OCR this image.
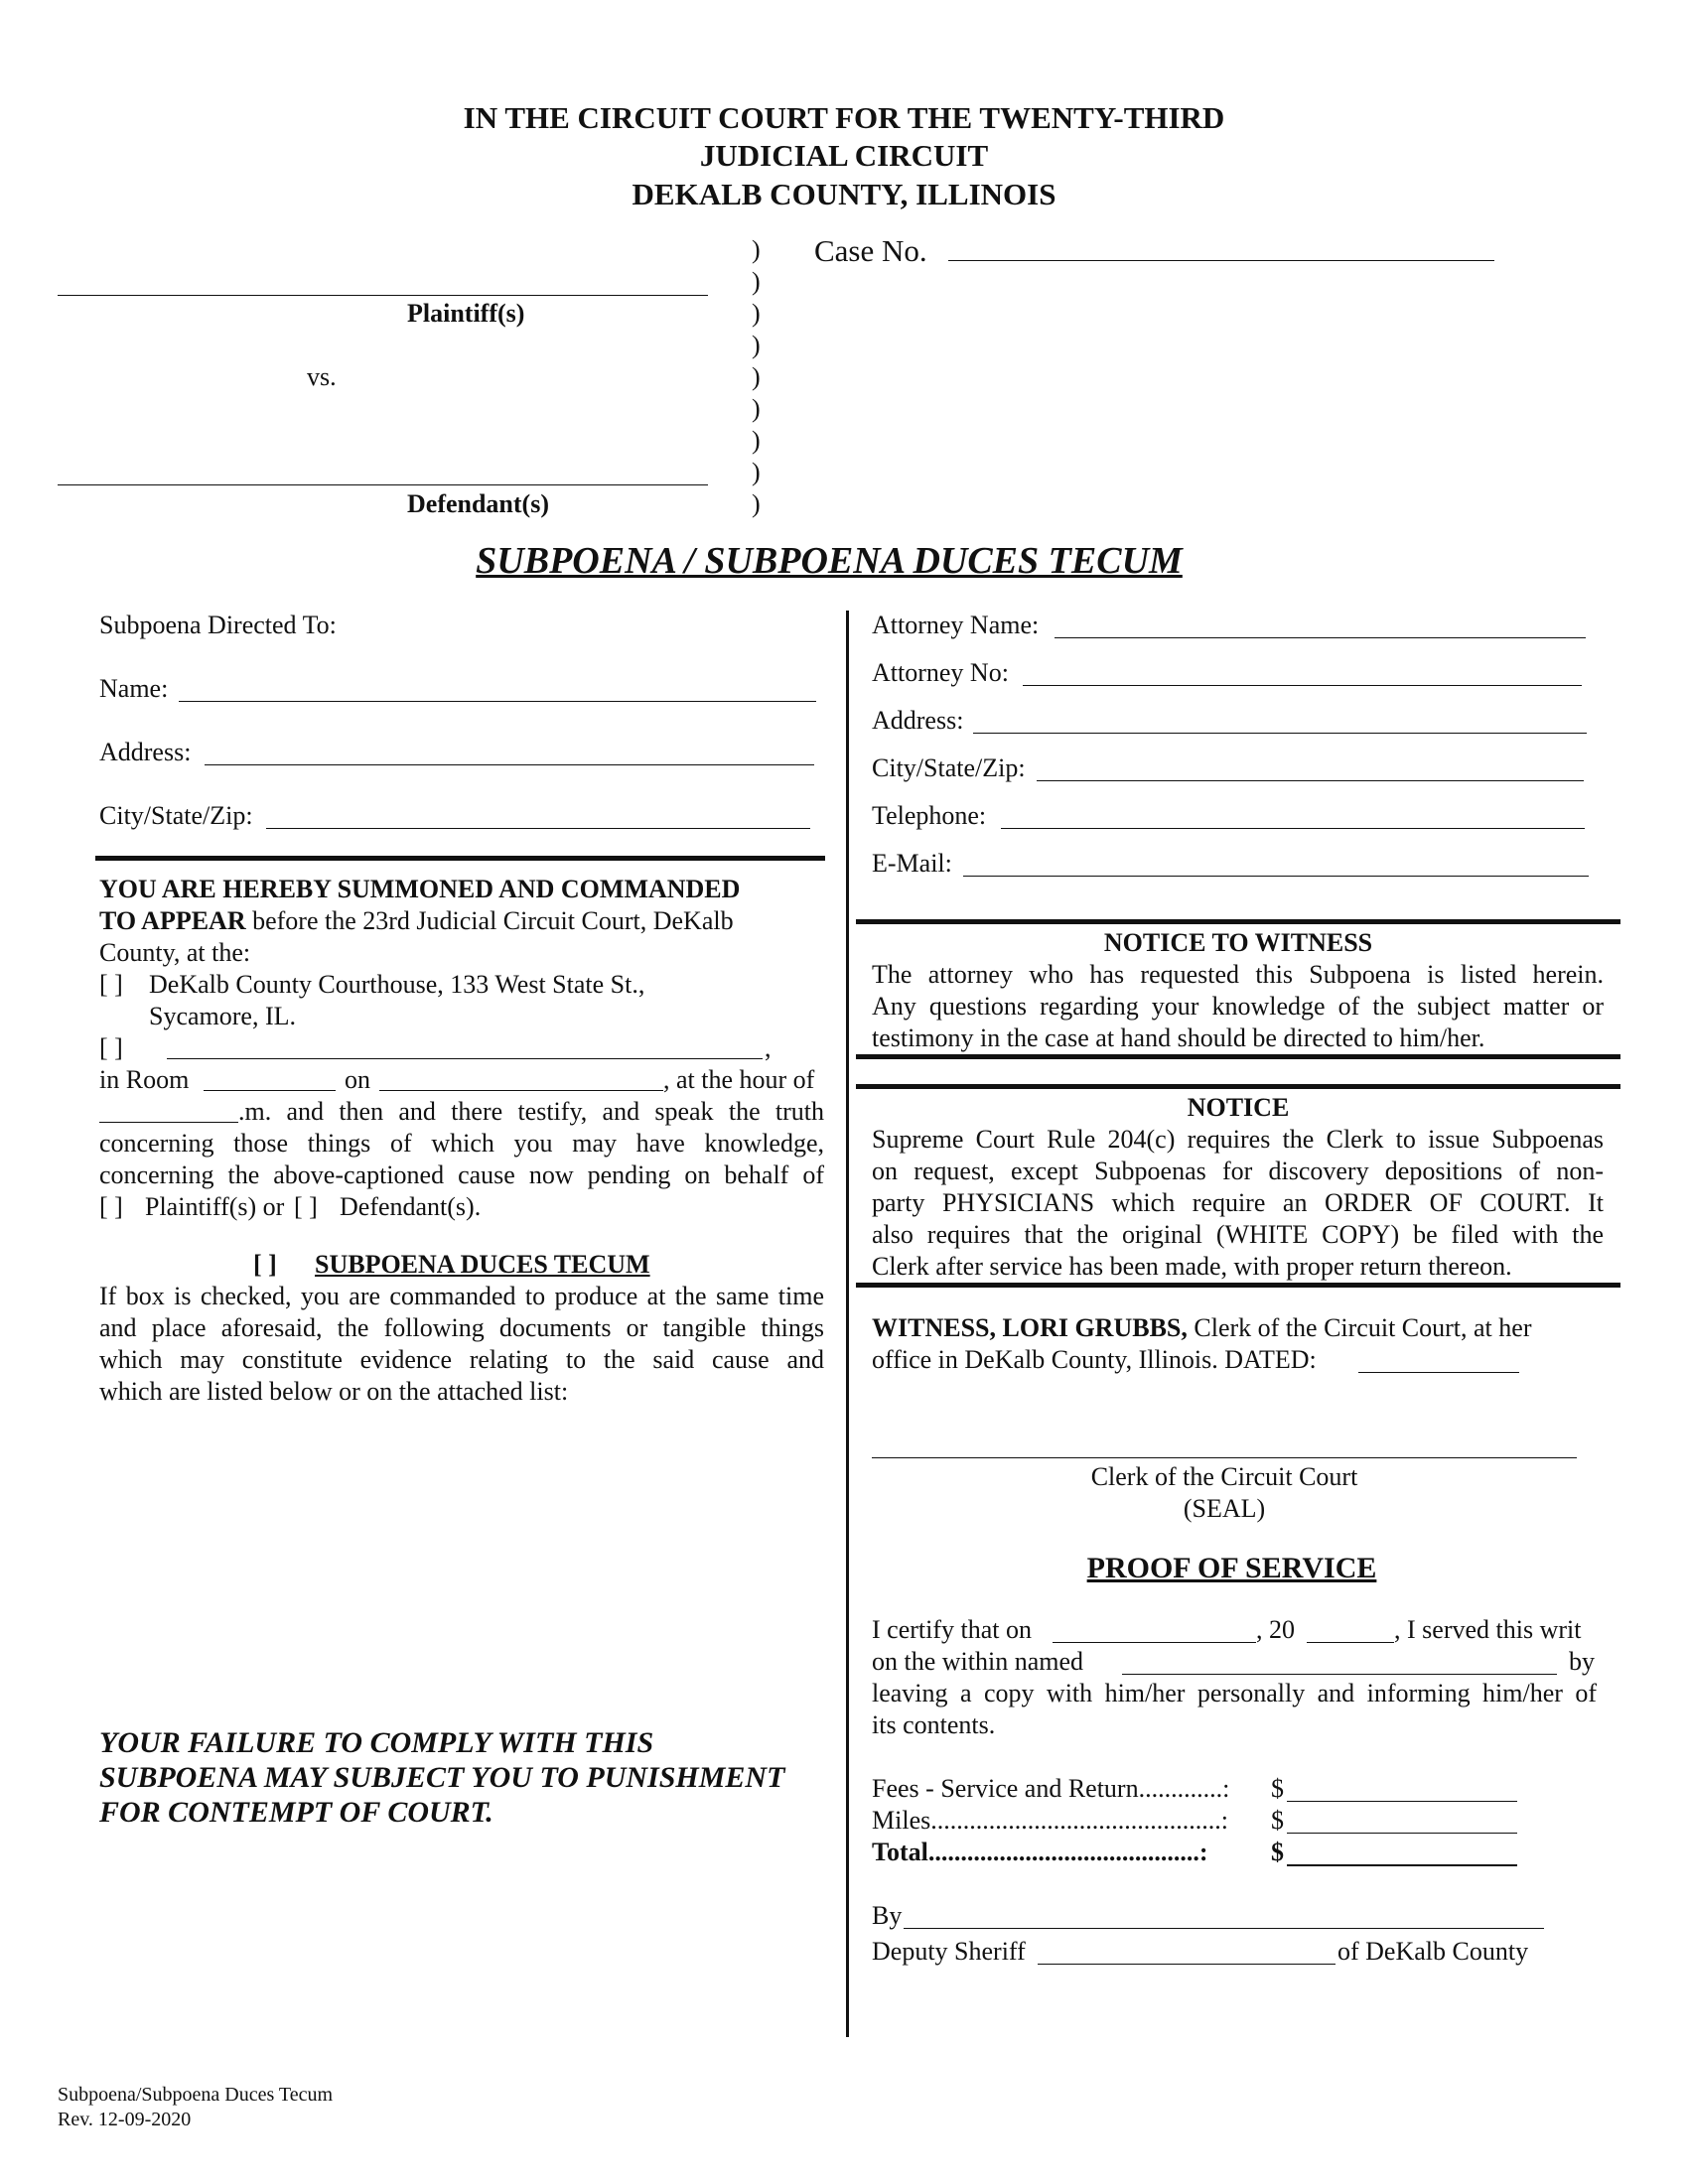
IN THE CIRCUIT COURT FOR THE TWENTY-THIRD
JUDICIAL CIRCUIT
DEKALB COUNTY, ILLINOIS
)
)
)
)
)
)
)
)
)
Case No.
Plaintiff(s)
vs.
Defendant(s)
SUBPOENA / SUBPOENA DUCES TECUM
Subpoena Directed To:
Name:
Address:
City/State/Zip:
YOU ARE HEREBY SUMMONED AND COMMANDED
TO APPEAR before the 23rd Judicial Circuit Court, DeKalb
County, at the:
[ ] DeKalb County Courthouse, 133 West State St.,
Sycamore, IL.
[ ]	,
in Room	on	, at the hour of
.m. and then and there testify, and speak the truth
concerning those things of which you may have knowledge,
concerning the above-captioned cause now pending on behalf of
[ ] Plaintiff(s) or [ ] Defendant(s).
[ ] SUBPOENA DUCES TECUM
If box is checked, you are commanded to produce at the same time
and place aforesaid, the following documents or tangible things
which may constitute evidence relating to the said cause and
which are listed below or on the attached list:
YOUR FAILURE TO COMPLY WITH THIS
SUBPOENA MAY SUBJECT YOU TO PUNISHMENT
FOR CONTEMPT OF COURT.
Attorney Name:
Attorney No:
Address:
City/State/Zip:
Telephone:
E-Mail:
NOTICE TO WITNESS
The attorney who has requested this Subpoena is listed herein.
Any questions regarding your knowledge of the subject matter or
testimony in the case at hand should be directed to him/her.
NOTICE
Supreme Court Rule 204(c) requires the Clerk to issue Subpoenas
on request, except Subpoenas for discovery depositions of non-
party PHYSICIANS which require an ORDER OF COURT. It
also requires that the original (WHITE COPY) be filed with the
Clerk after service has been made, with proper return thereon.
WITNESS, LORI GRUBBS, Clerk of the Circuit Court, at her
office in DeKalb County, Illinois. DATED:
Clerk of the Circuit Court
(SEAL)
PROOF OF SERVICE
I certify that on	, 20	, I served this writ
on the within named	by
leaving a copy with him/her personally and informing him/her of
its contents.
Fees - Service and Return.............: $
Miles.............................................: $
Total..........................................: $
By
Deputy Sheriff	of DeKalb County
Subpoena/Subpoena Duces Tecum
Rev. 12-09-2020
